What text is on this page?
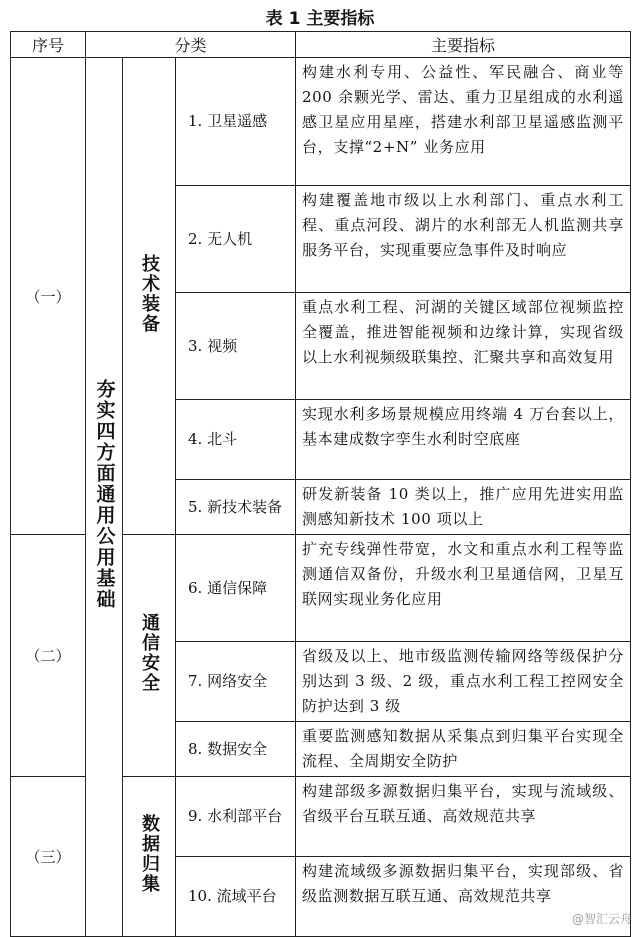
表 1 主要指标
序号	分类			主要指标
（一）	夯实四方面通用公用基础	技术装备	1. 卫星遥感	构建水利专用、公益性、军民融合、商业等 200 余颗光学、雷达、重力卫星组成的水利遥感卫星应用星座，搭建水利部卫星遥感监测平台，支撑“2+N” 业务应用
			2. 无人机	构建覆盖地市级以上水利部门、重点水利工程、重点河段、湖片的水利部无人机监测共享服务平台，实现重要应急事件及时响应
			3. 视频	重点水利工程、河湖的关键区域部位视频监控全覆盖，推进智能视频和边缘计算，实现省级以上水利视频级联集控、汇聚共享和高效复用
			4. 北斗	实现水利多场景规模应用终端 4 万台套以上，基本建成数字孪生水利时空底座
			5. 新技术装备	研发新装备 10 类以上，推广应用先进实用监测感知新技术 100 项以上
（二）		通信安全	6. 通信保障	扩充专线弹性带宽，水文和重点水利工程等监测通信双备份，升级水利卫星通信网，卫星互联网实现业务化应用
			7. 网络安全	省级及以上、地市级监测传输网络等级保护分别达到 3 级、2 级，重点水利工程工控网安全防护达到 3 级
			8. 数据安全	重要监测感知数据从采集点到归集平台实现全流程、全周期安全防护
（三）		数据归集	9. 水利部平台	构建部级多源数据归集平台，实现与流域级、省级平台互联互通、高效规范共享
			10. 流域平台	构建流域级多源数据归集平台，实现部级、省级监测数据互联互通、高效规范共享
@智汇云舟
